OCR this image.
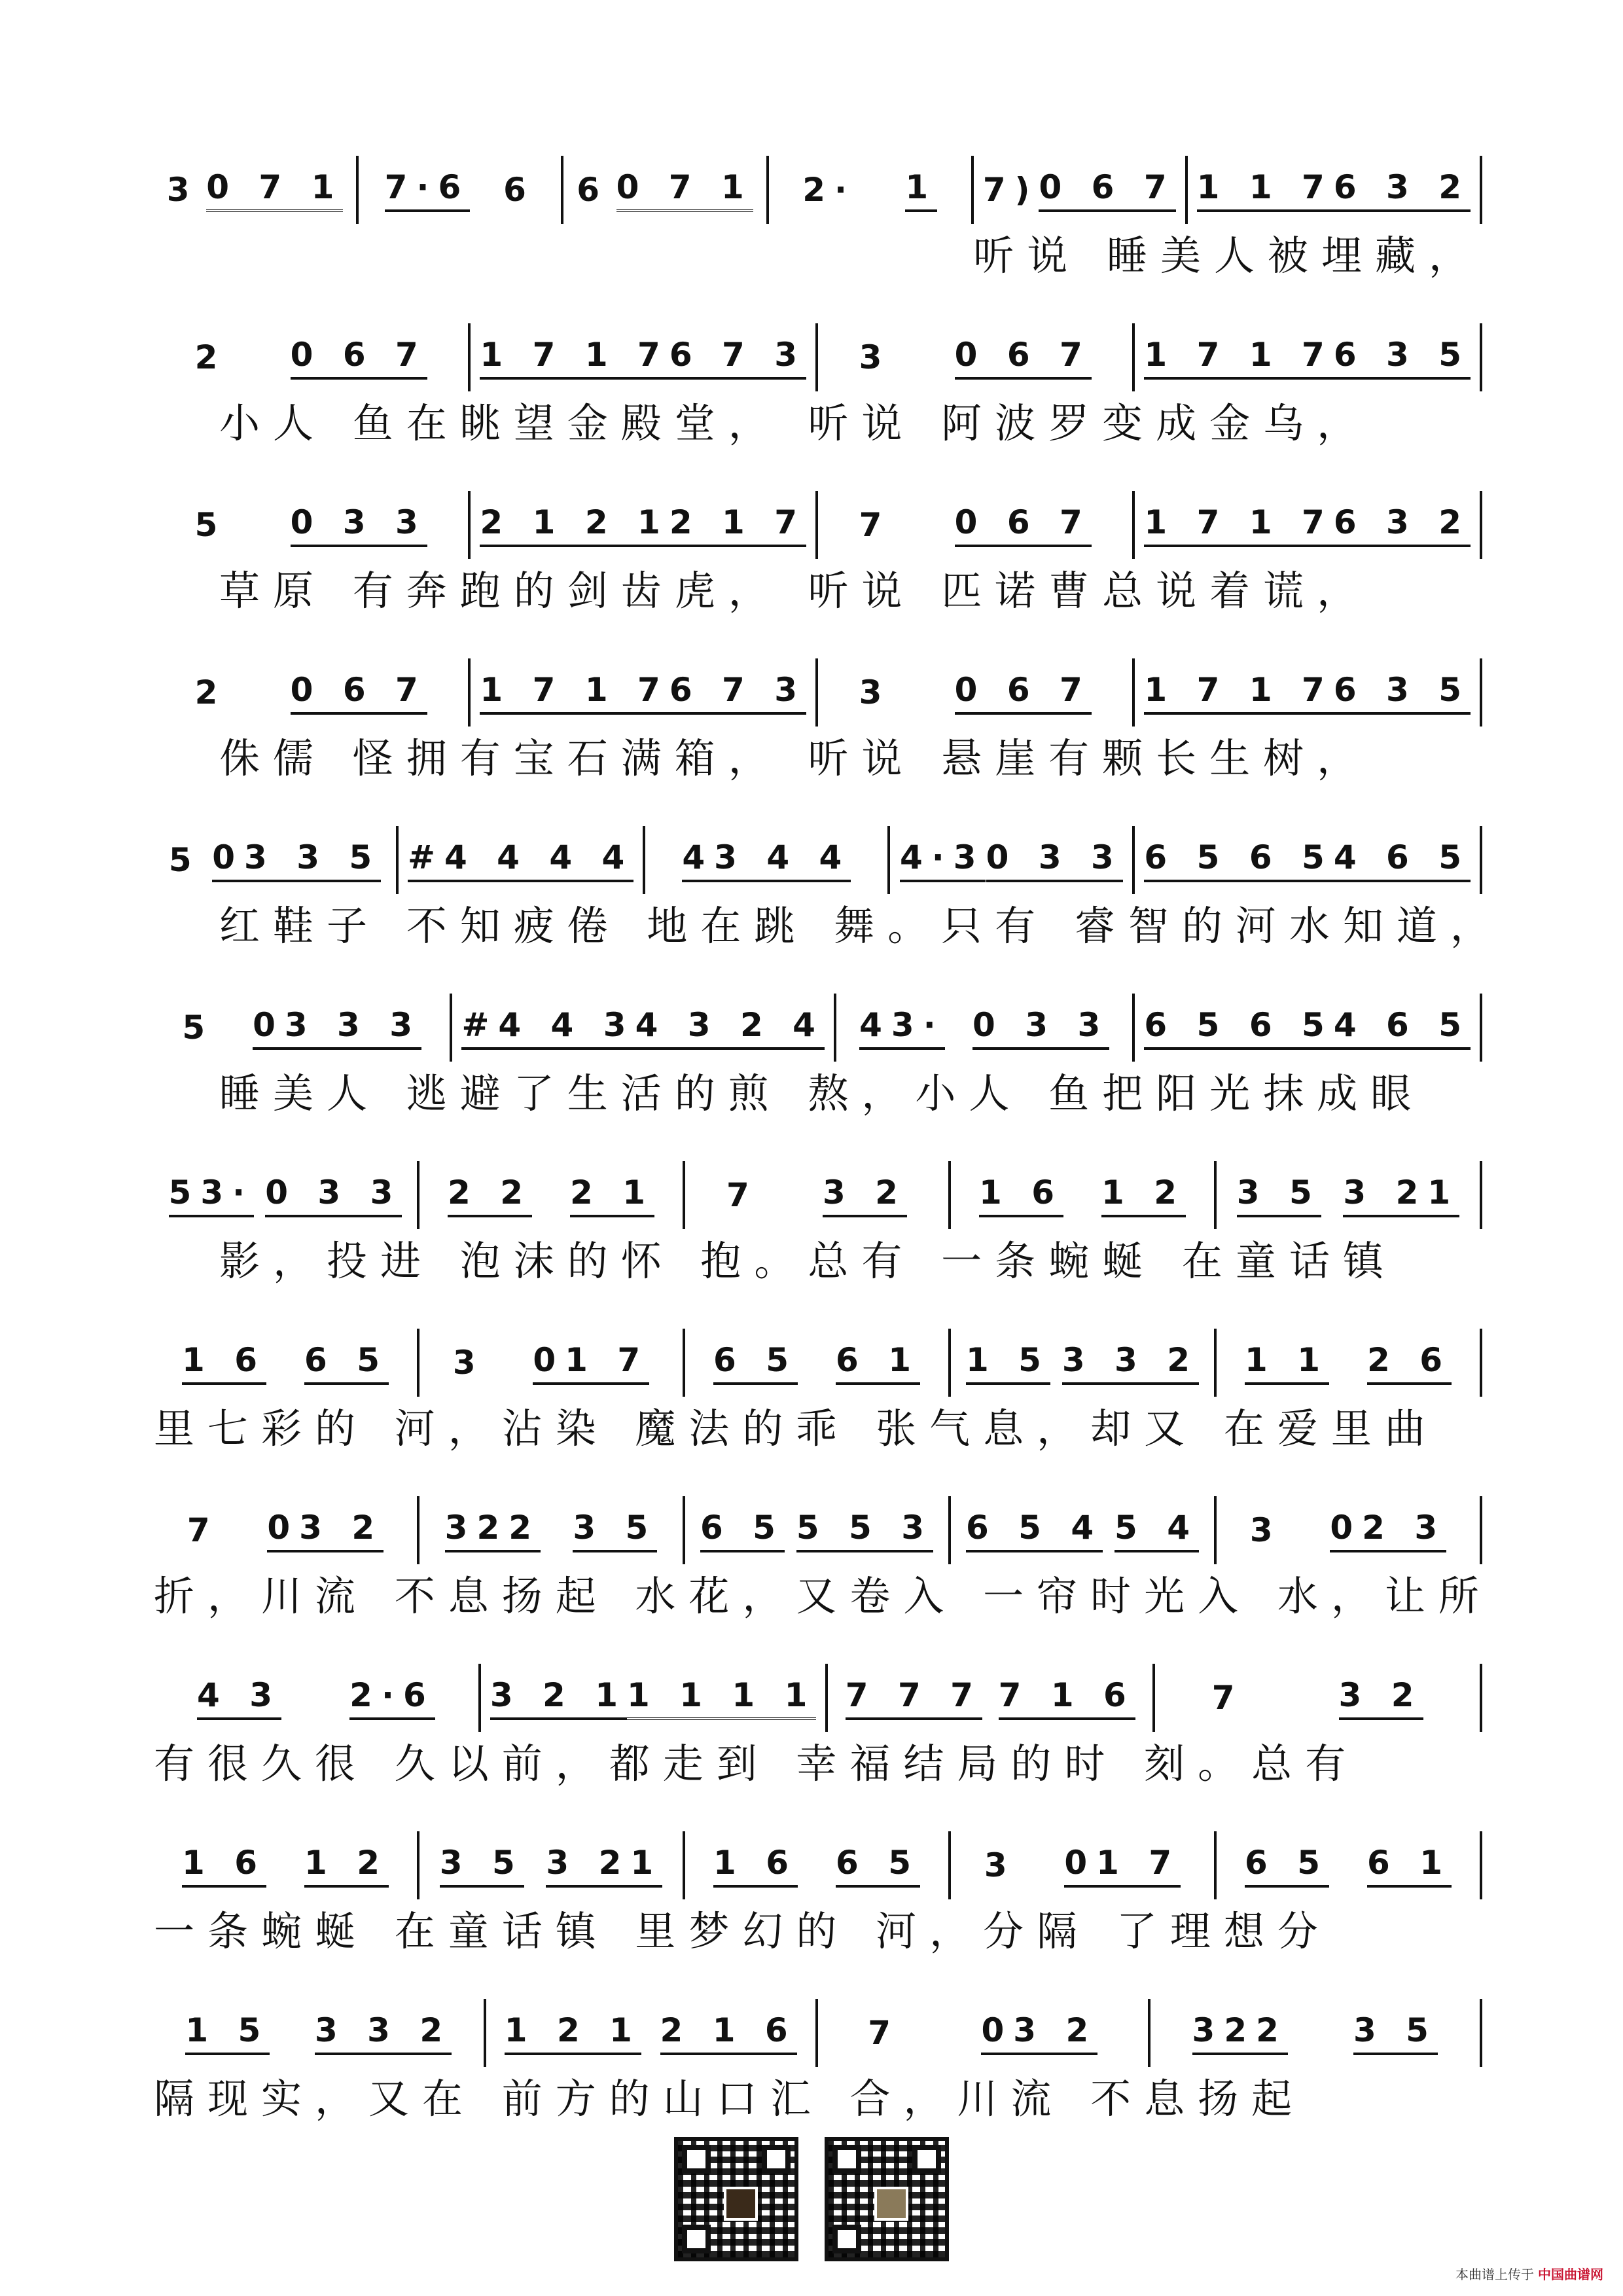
3 0 7 1 7·6 6 6 0 7 1 2· 1 7) 0 6 7 1 1 7 6 3 2
听说 睡美人被埋藏，
2 0 6 7 1 7 1 7 6 7 3 3 0 6 7 1 7 1 7 6 3 5
小人 鱼在眺望金殿堂， 听说 阿波罗变成金乌，
5 0 3 3 2 1 2 1 2 1 7 7 0 6 7 1 7 1 7 6 3 2
草原 有奔跑的剑齿虎， 听说 匹诺曹总说着谎，
2 0 6 7 1 7 1 7 6 7 3 3 0 6 7 1 7 1 7 6 3 5
侏儒 怪拥有宝石满箱， 听说 悬崖有颗长生树，
5 03 3 5 #4 4 4 4 43 4 4 4·3 0 3 3 6 5 6 5 4 6 5
红鞋子 不知疲倦 地在跳 舞。只有 睿智的河水知道，
5 03 3 3 #4 4 3 4 3 2 4 43· 0 3 3 6 5 6 5 4 6 5
睡美人 逃避了生活的煎 熬，小人 鱼把阳光抹成眼
53· 0 3 3 2 2 2 1 7 3 2 1 6 1 2 3 5 3 21
影，投进 泡沫的怀 抱。总有 一条蜿蜒 在童话镇
1 6 6 5 3 01 7 6 5 6 1 1 5 3 3 2 1 1 2 6
里七彩的 河，沾染 魔法的乖 张气息，却又 在爱里曲
7 03 2 322 3 5 6 5 5 5 3 6 5 4 5 4 3 02 3
折，川流 不息扬起 水花，又卷入 一帘时光入 水，让所
4 3 2·6 3 2 1 1 1 1 1 7 7 7 7 1 6 7	3 2
有很久很 久以前，都走到 幸福结局的时 刻。总有
1 6 1 2 3 5 3 21 1 6 6 5 3 01 7 6 5 6 1
一条蜿蜒 在童话镇 里梦幻的 河，分隔 了理想分
1 5 3 3 2 1 2 1 2 1 6 7 03 2	322 3 5
隔现实，又在 前方的山口汇 合，川流 不息扬起
本曲谱上传于 中国曲谱网
